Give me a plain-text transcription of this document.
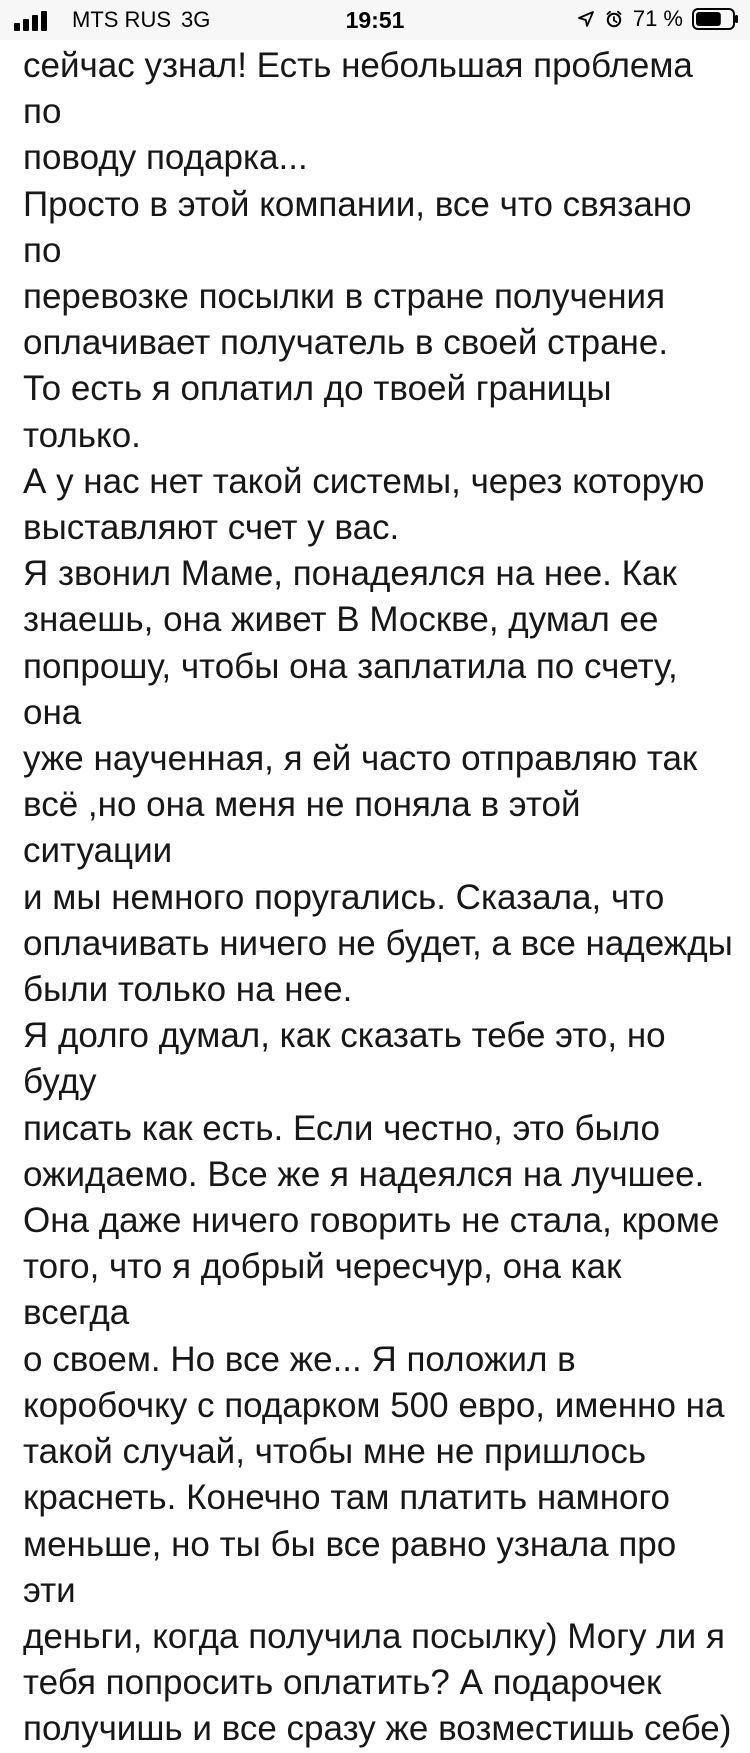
MTS RUS 3G	19:51	71 %
сейчас узнал! Есть небольшая проблема по
поводу подарка...
Просто в этой компании, все что связано по
перевозке посылки в стране получения
оплачивает получатель в своей стране.
То есть я оплатил до твоей границы только.
А у нас нет такой системы, через которую
выставляют счет у вас.
Я звонил Маме, понадеялся на нее. Как
знаешь, она живет В Москве, думал ее
попрошу, чтобы она заплатила по счету, она
уже наученная, я ей часто отправляю так
всё ,но она меня не поняла в этой ситуации
и мы немного поругались. Сказала, что
оплачивать ничего не будет, а все надежды
были только на нее.
Я долго думал, как сказать тебе это, но буду
писать как есть. Если честно, это было
ожидаемо. Все же я надеялся на лучшее.
Она даже ничего говорить не стала, кроме
того, что я добрый чересчур, она как всегда
о своем. Но все же... Я положил в
коробочку с подарком 500 евро, именно на
такой случай, чтобы мне не пришлось
краснеть. Конечно там платить намного
меньше, но ты бы все равно узнала про эти
деньги, когда получила посылку) Могу ли я
тебя попросить оплатить? А подарочек
получишь и все сразу же возместишь себе)
